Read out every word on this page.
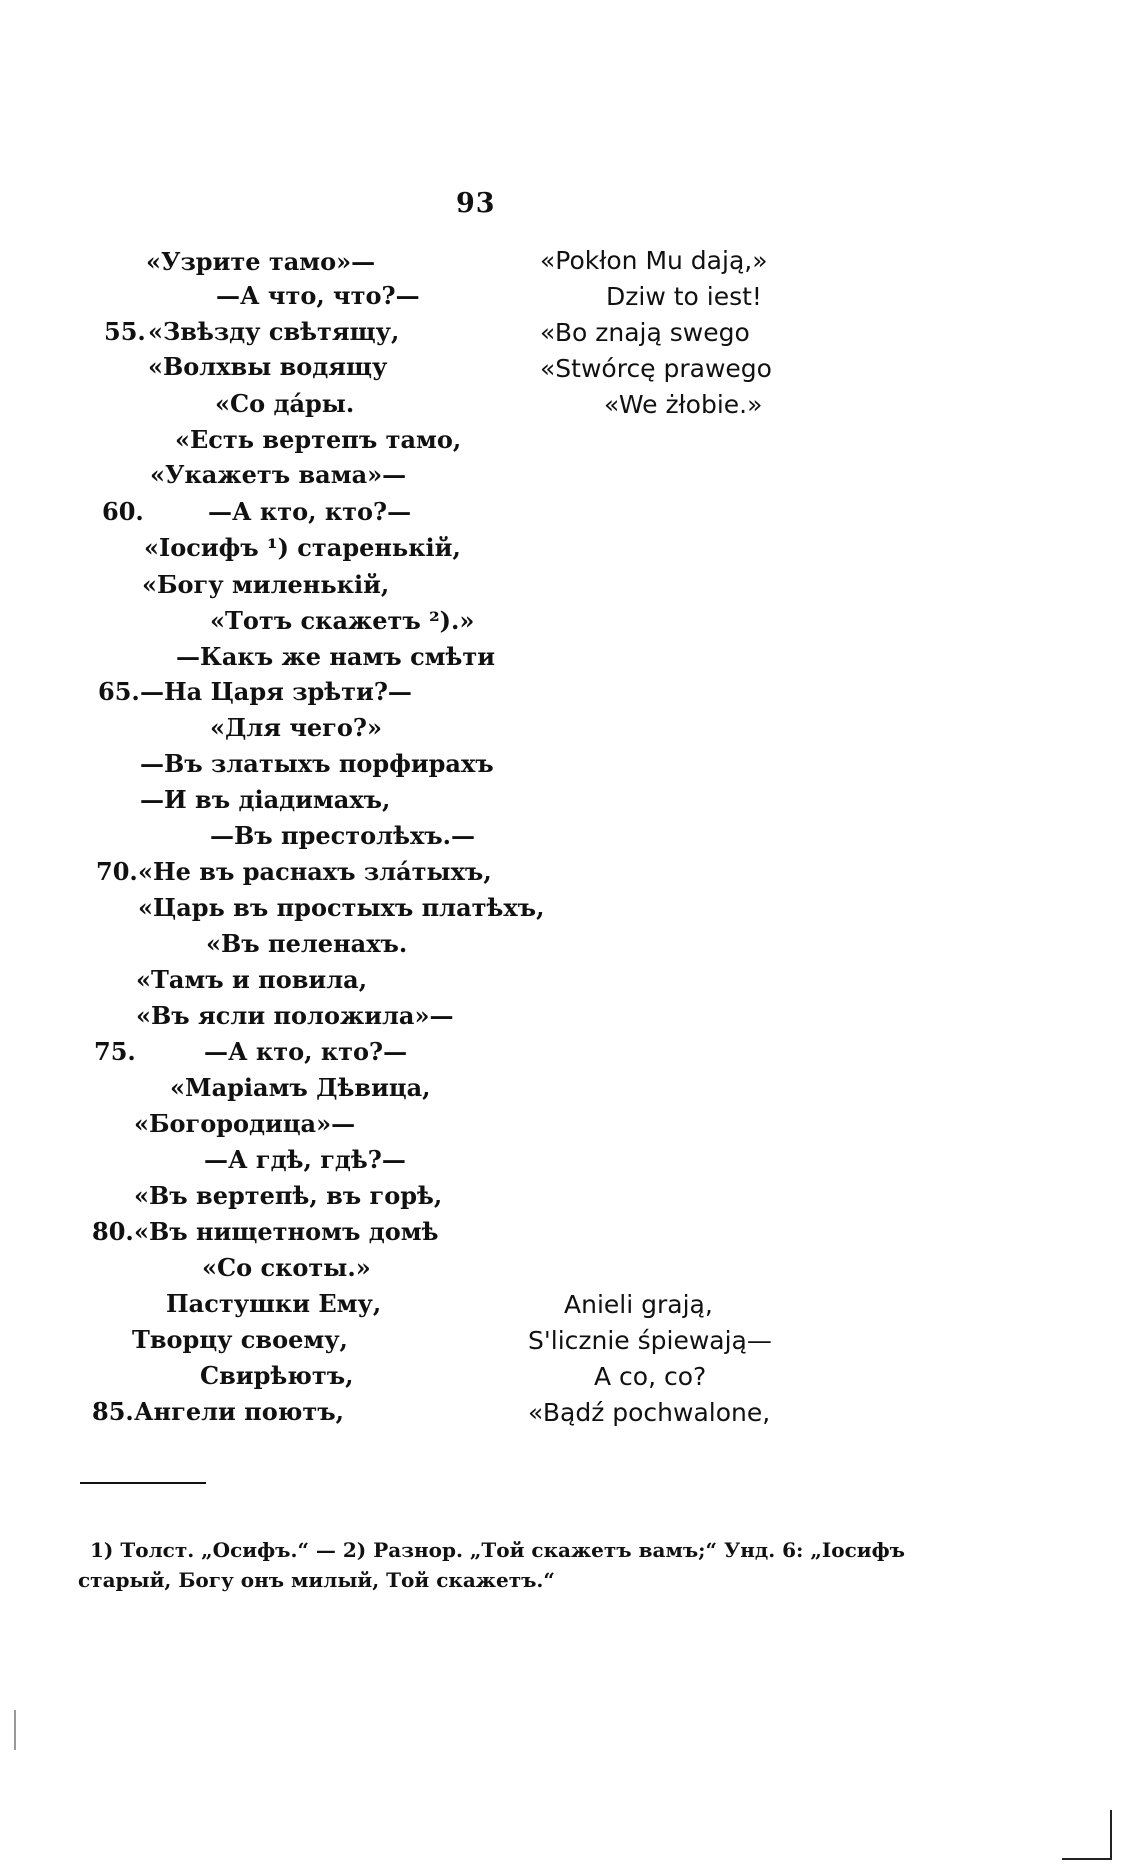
93
«Узрите тамо»—
—А что, что?—
«Звѣзду свѣтящу,
«Волхвы водящу
«Со да́ры.
«Есть вертепъ тамо,
«Укажетъ вама»—
—А кто, кто?—
«Iосифъ ¹) старенькій,
«Богу миленькій,
«Тотъ скажетъ ²).»
—Какъ же намъ смѣти
—На Царя зрѣти?—
«Для чего?»
—Въ златыхъ порфирахъ
—И въ діадимахъ,
—Въ престолѣхъ.—
«Не въ раснахъ зла́тыхъ,
«Царь въ простыхъ платѣхъ,
«Въ пеленахъ.
«Тамъ и повила,
«Въ ясли положила»—
—А кто, кто?—
«Маріамъ Дѣвица,
«Богородица»—
—А гдѣ, гдѣ?—
«Въ вертепѣ, въ горѣ,
«Въ нищетномъ домѣ
«Со скоты.»
Пастушки Ему,
Творцу своему,
Свирѣютъ,
Ангели поютъ,
55.
60.
65.
70.
75.
80.
85.
«Pokłon Mu dają,»
Dziw to iest!
«Bo znają swego
«Stwórcę prawego
«We żłobie.»
Anieli grają,
S'licznie śpiewają—
A co, co?
«Bądź pochwalone,
1) Толст. „Осифъ.“ — 2) Разнор. „Той скажетъ вамъ;“ Унд. 6: „Iосифъ
старый, Богу онъ милый, Той скажетъ.“
